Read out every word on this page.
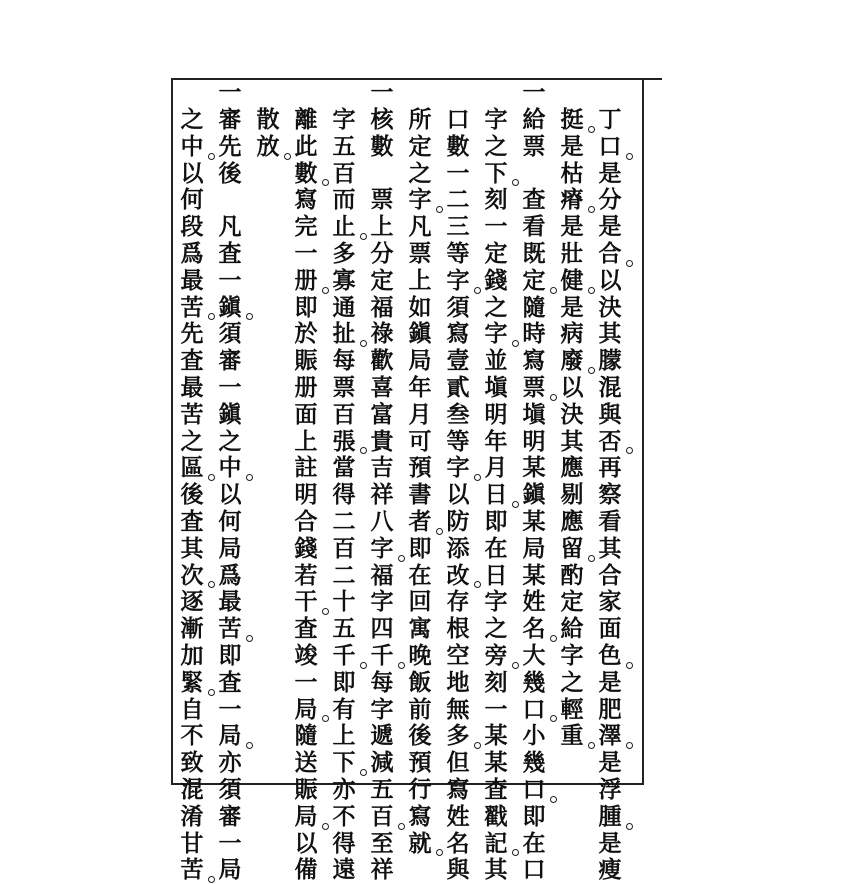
丁
口
是
分
是
合
以
決
其
朦
混
與
否
再
察
看
其
合
家
面
色
是
肥
澤
是
浮
腫
是
瘦
挺
是
枯
瘠
是
壯
健
是
病
廢
以
決
其
應
剔
應
留
酌
定
給
字
之
輕
重
一
給
票
查
看
既
定
隨
時
寫
票
塡
明
某
鎭
某
局
某
姓
名
大
幾
口
小
幾
口
即
在
口
字
之
下
刻
一
定
錢
之
字
並
塡
明
年
月
日
即
在
日
字
之
旁
刻
一
某
某
査
戳
記
其
口
數
一
二
三
等
字
須
寫
壹
貳
叁
等
字
以
防
添
改
存
根
空
地
無
多
但
寫
姓
名
與
所
定
之
字
凡
票
上
如
鎭
局
年
月
可
預
書
者
即
在
回
寓
晚
飯
前
後
預
行
寫
就
一
核
數
票
上
分
定
福
祿
歡
喜
富
貴
吉
祥
八
字
福
字
四
千
每
字
遞
減
五
百
至
祥
字
五
百
而
止
多
寡
通
扯
每
票
百
張
當
得
二
百
二
十
五
千
即
有
上
下
亦
不
得
遠
離
此
數
寫
完
一
册
即
於
賑
册
面
上
註
明
合
錢
若
干
査
竣
一
局
隨
送
賑
局
以
備
散
放
一
審
先
後
凡
査
一
鎭
須
審
一
鎭
之
中
以
何
局
爲
最
苦
即
査
一
局
亦
須
審
一
局
之
中
以
何
段
爲
最
苦
先
査
最
苦
之
區
後
査
其
次
逐
漸
加
緊
自
不
致
混
淆
甘
苦
